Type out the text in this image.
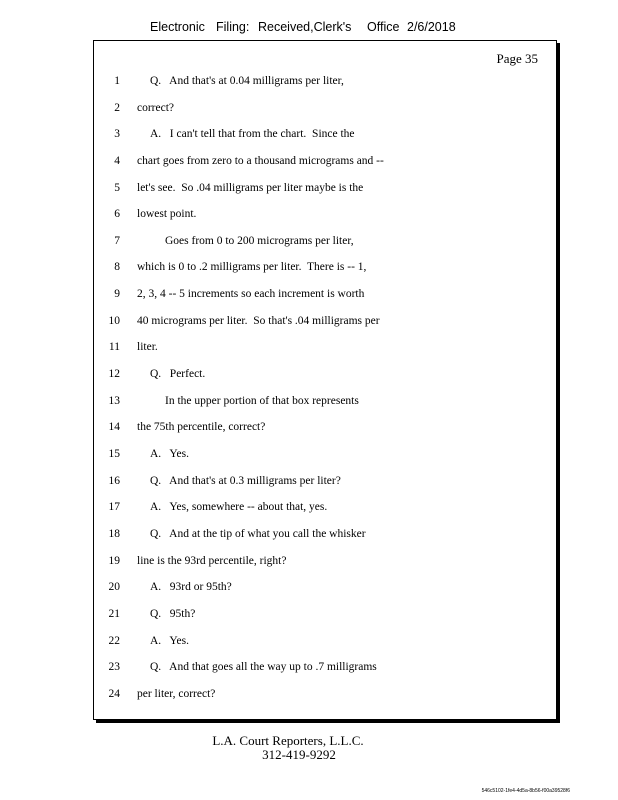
Electronic Filing: Received,Clerk's Office 2/6/2018
Page 35
1	Q.   And that's at 0.04 milligrams per liter,
2 correct?
3	A.   I can't tell that from the chart.  Since the
4 chart goes from zero to a thousand micrograms and --
5 let's see.  So .04 milligrams per liter maybe is the
6 lowest point.
7	Goes from 0 to 200 micrograms per liter,
8 which is 0 to .2 milligrams per liter.  There is -- 1,
9 2, 3, 4 -- 5 increments so each increment is worth
10 40 micrograms per liter.  So that's .04 milligrams per
11 liter.
12	Q.   Perfect.
13	In the upper portion of that box represents
14 the 75th percentile, correct?
15	A.   Yes.
16	Q.   And that's at 0.3 milligrams per liter?
17	A.   Yes, somewhere -- about that, yes.
18	Q.   And at the tip of what you call the whisker
19 line is the 93rd percentile, right?
20	A.   93rd or 95th?
21	Q.   95th?
22	A.   Yes.
23	Q.   And that goes all the way up to .7 milligrams
24 per liter, correct?
L.A. Court Reporters, L.L.C.
312-419-9292
546c5102-1fe4-4d5a-8b56-f00a39528f6
